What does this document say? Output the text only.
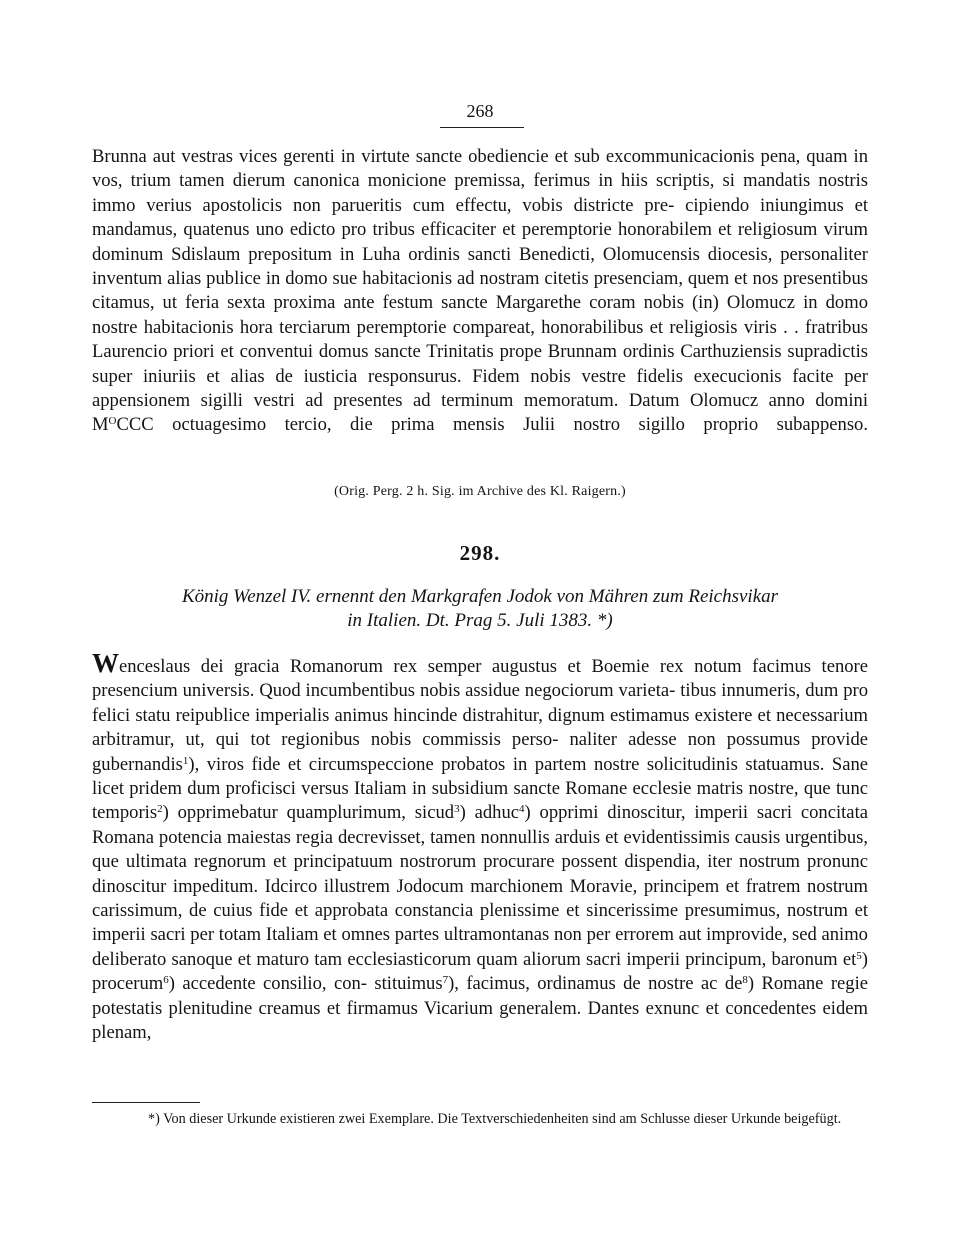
268

Brunna aut vestras vices gerenti in virtute sancte obediencie et sub excommunicacionis pena, quam in vos, trium tamen dierum canonica monicione premissa, ferimus in hiis scriptis, si mandatis nostris immo verius apostolicis non parueritis cum effectu, vobis districte pre- cipiendo iniungimus et mandamus, quatenus uno edicto pro tribus efficaciter et peremptorie honorabilem et religiosum virum dominum Sdislaum prepositum in Luha ordinis sancti Benedicti, Olomucensis diocesis, personaliter inventum alias publice in domo sue habitacionis ad nostram citetis presenciam, quem et nos presentibus citamus, ut feria sexta proxima ante festum sancte Margarethe coram nobis (in) Olomucz in domo nostre habitacionis hora terciarum peremptorie compareat, honorabilibus et religiosis viris . . fratribus Laurencio priori et conventui domus sancte Trinitatis prope Brunnam ordinis Carthuziensis supradictis super iniuriis et alias de iusticia responsurus. Fidem nobis vestre fidelis execucionis facite per appensionem sigilli vestri ad presentes ad terminum memoratum. Datum Olomucz anno domini $M^OCCC$ octuagesimo tercio, die prima mensis Julii nostro sigillo proprio subappenso.

(Orig. Perg. 2 h. Sig. im Archive des Kl. Raigern.)
298.
König Wenzel IV. ernennt den Markgrafen Jodok von Mähren zum Reichsvikar
in Italien. Dt. Prag 5. Juli 1383. *)

Wenceslaus dei gracia Romanorum rex semper augustus et Boemie rex notum facimus tenore presencium universis. Quod incumbentibus nobis assidue negociorum varieta- tibus innumeris, dum pro felici statu reipublice imperialis animus hincinde distrahitur, dignum estimamus existere et necessarium arbitramur, ut, qui tot regionibus nobis commissis perso- naliter adesse non possumus provide gubernandis$^1$), viros fide et circumspeccione probatos in partem nostre solicitudinis statuamus. Sane licet pridem dum proficisci versus Italiam in subsidium sancte Romane ecclesie matris nostre, que tunc temporis$^2$) opprimebatur quamplurimum, sicud$^3$) adhuc$^4$) opprimi dinoscitur, imperii sacri concitata Romana potencia maiestas regia decrevisset, tamen nonnullis arduis et evidentissimis causis urgentibus, que ultimata regnorum et principatuum nostrorum procurare possent dispendia, iter nostrum pronunc dinoscitur impeditum. Idcirco illustrem Jodocum marchionem Moravie, principem et fratrem nostrum carissimum, de cuius fide et approbata constancia plenissime et sincerissime presumimus, nostrum et imperii sacri per totam Italiam et omnes partes ultramontanas non per errorem aut improvide, sed animo deliberato sanoque et maturo tam ecclesiasticorum quam aliorum sacri imperii principum, baronum $et^5$) procerum$^6$) accedente consilio, con- stituimus$^7$), facimus, ordinamus de nostre ac $de^8$) Romane regie potestatis plenitudine creamus et firmamus Vicarium generalem. Dantes exnunc et concedentes eidem plenam,

*) Von dieser Urkunde existieren zwei Exemplare. Die Textverschiedenheiten sind am Schlusse dieser Urkunde beigefügt.
